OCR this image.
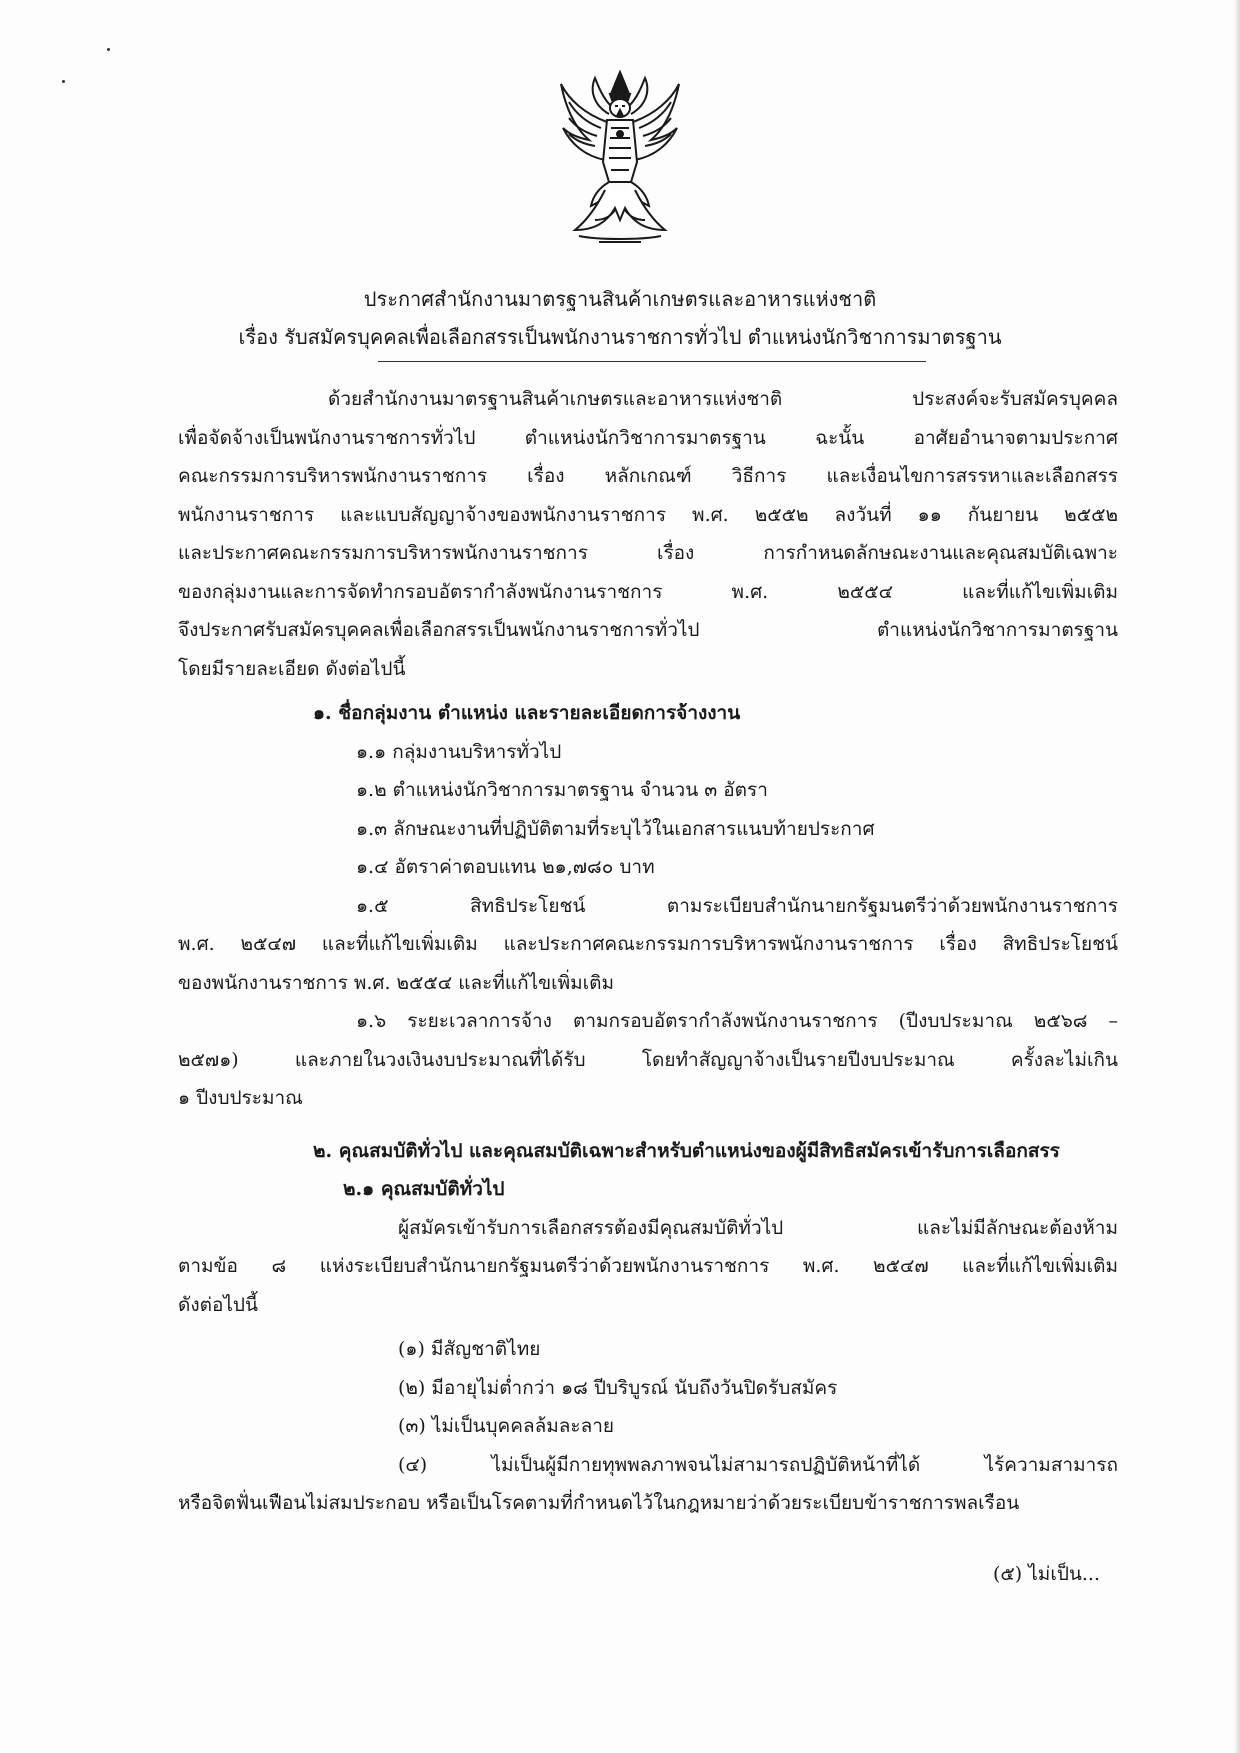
ประกาศสำนักงานมาตรฐานสินค้าเกษตรและอาหารแห่งชาติ
เรื่อง รับสมัครบุคคลเพื่อเลือกสรรเป็นพนักงานราชการทั่วไป ตำแหน่งนักวิชาการมาตรฐาน
ด้วยสำนักงานมาตรฐานสินค้าเกษตรและอาหารแห่งชาติ ประสงค์จะรับสมัครบุคคล
เพื่อจัดจ้างเป็นพนักงานราชการทั่วไป ตำแหน่งนักวิชาการมาตรฐาน ฉะนั้น อาศัยอำนาจตามประกาศ
คณะกรรมการบริหารพนักงานราชการ เรื่อง หลักเกณฑ์ วิธีการ และเงื่อนไขการสรรหาและเลือกสรร
พนักงานราชการ และแบบสัญญาจ้างของพนักงานราชการ พ.ศ. ๒๕๕๒ ลงวันที่ ๑๑ กันยายน ๒๕๕๒
และประกาศคณะกรรมการบริหารพนักงานราชการ เรื่อง การกำหนดลักษณะงานและคุณสมบัติเฉพาะ
ของกลุ่มงานและการจัดทำกรอบอัตรากำลังพนักงานราชการ พ.ศ. ๒๕๕๔ และที่แก้ไขเพิ่มเติม
จึงประกาศรับสมัครบุคคลเพื่อเลือกสรรเป็นพนักงานราชการทั่วไป ตำแหน่งนักวิชาการมาตรฐาน
โดยมีรายละเอียด ดังต่อไปนี้
๑. ชื่อกลุ่มงาน ตำแหน่ง และรายละเอียดการจ้างงาน
๑.๑ กลุ่มงานบริหารทั่วไป
๑.๒ ตำแหน่งนักวิชาการมาตรฐาน จำนวน ๓ อัตรา
๑.๓ ลักษณะงานที่ปฏิบัติตามที่ระบุไว้ในเอกสารแนบท้ายประกาศ
๑.๔ อัตราค่าตอบแทน ๒๑,๗๘๐ บาท
๑.๕ สิทธิประโยชน์ ตามระเบียบสำนักนายกรัฐมนตรีว่าด้วยพนักงานราชการ
พ.ศ. ๒๕๔๗ และที่แก้ไขเพิ่มเติม และประกาศคณะกรรมการบริหารพนักงานราชการ เรื่อง สิทธิประโยชน์
ของพนักงานราชการ พ.ศ. ๒๕๕๔ และที่แก้ไขเพิ่มเติม
๑.๖ ระยะเวลาการจ้าง ตามกรอบอัตรากำลังพนักงานราชการ (ปีงบประมาณ ๒๕๖๘ –
๒๕๗๑) และภายในวงเงินงบประมาณที่ได้รับ โดยทำสัญญาจ้างเป็นรายปีงบประมาณ ครั้งละไม่เกิน
๑ ปีงบประมาณ
๒. คุณสมบัติทั่วไป และคุณสมบัติเฉพาะสำหรับตำแหน่งของผู้มีสิทธิสมัครเข้ารับการเลือกสรร
๒.๑ คุณสมบัติทั่วไป
ผู้สมัครเข้ารับการเลือกสรรต้องมีคุณสมบัติทั่วไป และไม่มีลักษณะต้องห้าม
ตามข้อ ๘ แห่งระเบียบสำนักนายกรัฐมนตรีว่าด้วยพนักงานราชการ พ.ศ. ๒๕๔๗ และที่แก้ไขเพิ่มเติม
ดังต่อไปนี้
(๑) มีสัญชาติไทย
(๒) มีอายุไม่ต่ำกว่า ๑๘ ปีบริบูรณ์ นับถึงวันปิดรับสมัคร
(๓) ไม่เป็นบุคคลล้มละลาย
(๔) ไม่เป็นผู้มีกายทุพพลภาพจนไม่สามารถปฏิบัติหน้าที่ได้ ไร้ความสามารถ
หรือจิตฟั่นเฟือนไม่สมประกอบ หรือเป็นโรคตามที่กำหนดไว้ในกฎหมายว่าด้วยระเบียบข้าราชการพลเรือน
(๕) ไม่เป็น...
